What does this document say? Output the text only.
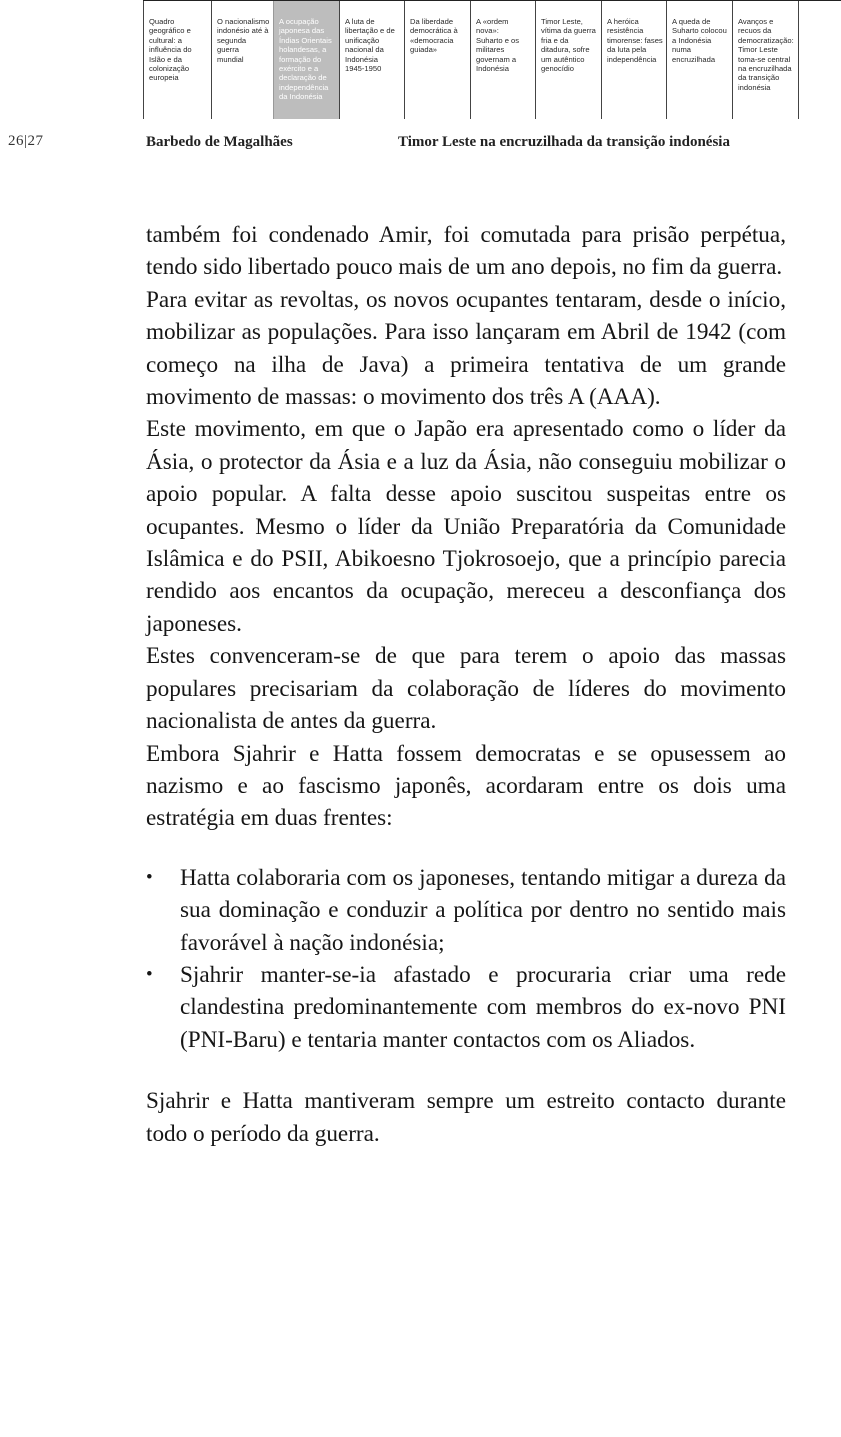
Quadro
geográfico e
cultural: a
influência do
Islão e da
colonização
europeia
O nacionalismo
indonésio até à
segunda guerra
mundial
A ocupação
japonesa das
Índias Orientais
holandesas, a
formação do
exército e a
declaração de
independência
da Indonésia
A luta de
libertação e de
unificação
nacional da
Indonésia
1945-1950
Da liberdade
democrática à
«democracia
guiada»
A «ordem nova»:
Suharto e os
militares
governam a
Indonésia
Timor Leste,
vítima da guerra
fria e da
ditadura, sofre
um autêntico
genocídio
A heróica
resistência
timorense: fases
da luta pela
independência
A queda de
Suharto colocou
a Indonésia
numa
encruzilhada
Avanços e
recuos da
democratização:
Timor Leste
toma-se central
na encruzilhada
da transição
indonésia
26|27	Barbedo de Magalhães	Timor Leste na encruzilhada da transição indonésia

também foi condenado Amir, foi comutada para prisão perpétua, tendo sido libertado pouco mais de um ano depois, no fim da guerra.

Para evitar as revoltas, os novos ocupantes tentaram, desde o início, mobilizar as populações. Para isso lançaram em Abril de 1942 (com começo na ilha de Java) a primeira tentativa de um grande movimento de massas: o movimento dos três A (AAA).

Este movimento, em que o Japão era apresentado como o líder da Ásia, o protector da Ásia e a luz da Ásia, não conseguiu mobilizar o apoio popular. A falta desse apoio suscitou suspeitas entre os ocupantes. Mesmo o líder da União Preparatória da Comunidade Islâmica e do PSII, Abikoesno Tjokrosoejo, que a princípio parecia rendido aos encantos da ocupação, mereceu a desconfiança dos japoneses.

Estes convenceram-se de que para terem o apoio das massas populares precisariam da colaboração de líderes do movimento nacionalista de antes da guerra.

Embora Sjahrir e Hatta fossem democratas e se opusessem ao nazismo e ao fascismo japonês, acordaram entre os dois uma estratégia em duas frentes:

• Hatta colaboraria com os japoneses, tentando mitigar a dureza da sua dominação e conduzir a política por dentro no sentido mais favorável à nação indonésia;
• Sjahrir manter-se-ia afastado e procuraria criar uma rede clandestina predominantemente com membros do ex-novo PNI (PNI-Baru) e tentaria manter contactos com os Aliados.

Sjahrir e Hatta mantiveram sempre um estreito contacto durante todo o período da guerra.
